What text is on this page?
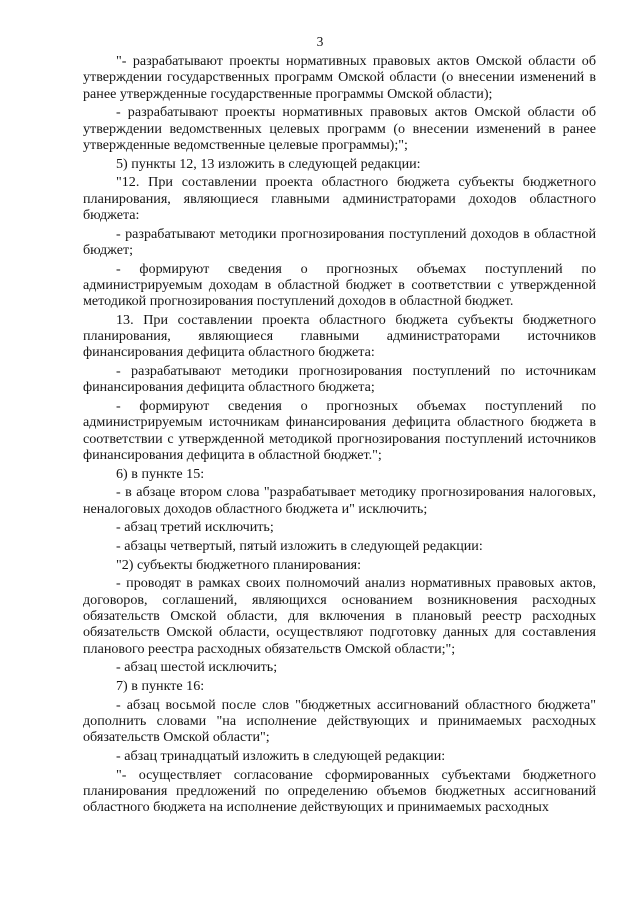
3

"- разрабатывают проекты нормативных правовых актов Омской области об утверждении государственных программ Омской области (о внесении изменений в ранее утвержденные государственные программы Омской области);

- разрабатывают проекты нормативных правовых актов Омской области об утверждении ведомственных целевых программ (о внесении изменений в ранее утвержденные ведомственные целевые программы);";

5) пункты 12, 13 изложить в следующей редакции:

"12. При составлении проекта областного бюджета субъекты бюджетного планирования, являющиеся главными администраторами доходов областного бюджета:

- разрабатывают методики прогнозирования поступлений доходов в областной бюджет;

- формируют сведения о прогнозных объемах поступлений по администрируемым доходам в областной бюджет в соответствии с утвержденной методикой прогнозирования поступлений доходов в областной бюджет.

13. При составлении проекта областного бюджета субъекты бюджетного планирования, являющиеся главными администраторами источников финансирования дефицита областного бюджета:

- разрабатывают методики прогнозирования поступлений по источникам финансирования дефицита областного бюджета;

- формируют сведения о прогнозных объемах поступлений по администрируемым источникам финансирования дефицита областного бюджета в соответствии с утвержденной методикой прогнозирования поступлений источников финансирования дефицита в областной бюджет.";

6) в пункте 15:

- в абзаце втором слова "разрабатывает методику прогнозирования налоговых, неналоговых доходов областного бюджета и" исключить;

- абзац третий исключить;

- абзацы четвертый, пятый изложить в следующей редакции:

"2) субъекты бюджетного планирования:

- проводят в рамках своих полномочий анализ нормативных правовых актов, договоров, соглашений, являющихся основанием возникновения расходных обязательств Омской области, для включения в плановый реестр расходных обязательств Омской области, осуществляют подготовку данных для составления планового реестра расходных обязательств Омской области;";

- абзац шестой исключить;

7) в пункте 16:

- абзац восьмой после слов "бюджетных ассигнований областного бюджета" дополнить словами "на исполнение действующих и принимаемых расходных обязательств Омской области";

- абзац тринадцатый изложить в следующей редакции:

"- осуществляет согласование сформированных субъектами бюджетного планирования предложений по определению объемов бюджетных ассигнований областного бюджета на исполнение действующих и принимаемых расходных
